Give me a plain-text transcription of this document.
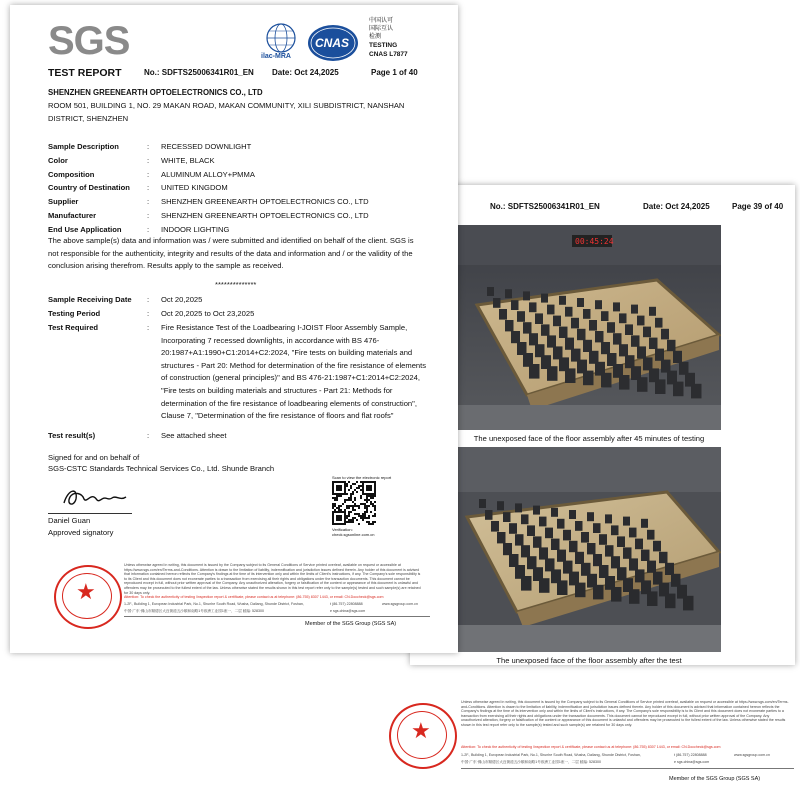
No.: SDFTS25006341R01_EN	Date: Oct 24,2025	Page 39 of 40
00:45:24
The unexposed face of the floor assembly after 45 minutes of testing
The unexposed face of the floor assembly after the test
SGS	ilac-MRA
CNAS
中国认可
国际互认
检测
TESTING
CNAS L7877
TEST REPORT	No.: SDFTS25006341R01_EN Date: Oct 24,2025	Page 1 of 40
SHENZHEN GREENEARTH OPTOELECTRONICS CO., LTD
ROOM 501, BUILDING 1, NO. 29 MAKAN ROAD, MAKAN COMMUNITY, XILI SUBDISTRICT, NANSHAN
DISTRICT, SHENZHEN
Sample Description	: RECESSED DOWNLIGHT
Color	: WHITE, BLACK
Composition	: ALUMINUM ALLOY+PMMA
Country of Destination : UNITED KINGDOM
Supplier	: SHENZHEN GREENEARTH OPTOELECTRONICS CO., LTD
Manufacturer	: SHENZHEN GREENEARTH OPTOELECTRONICS CO., LTD
End Use Application	: INDOOR LIGHTING
The above sample(s) data and information was / were submitted and identified on behalf of the client. SGS is
not responsible for the authenticity, integrity and results of the data and information and / or the validity of the
conclusion arising therefrom. Results apply to the sample as received.
**************
Sample Receiving Date : Oct 20,2025
Testing Period	: Oct 20,2025 to Oct 23,2025
Test Required	: Fire Resistance Test of the Loadbearing I-JOIST Floor Assembly Sample,
Incorporating 7 recessed downlights, in accordance with BS 476-
20:1987+A1:1990+C1:2014+C2:2024, "Fire tests on building materials and
structures - Part 20: Method for determination of the fire resistance of elements
of construction (general principles)" and BS 476-21:1987+C1:2014+C2:2024,
"Fire tests on building materials and structures - Part 21: Methods for
determination of the fire resistance of loadbearing elements of construction",
Clause 7, "Determination of the fire resistance of floors and flat roofs"
Test result(s)	: See attached sheet
Signed for and on behalf of
SGS-CSTC Standards Technical Services Co., Ltd. Shunde Branch
Daniel Guan
Approved signatory
Scan to view the electronic report
Verification:
check.sgsonline.com.cn
★
Unless otherwise agreed in writing, this document is issued by the Company subject to its General Conditions of Service printed overleaf, available on request or accessible at https://www.sgs.com/en/Terms-and-Conditions. Attention is drawn to the limitation of liability, indemnification and jurisdiction issues defined therein. Any holder of this document is advised that information contained hereon reflects the Company's findings at the time of its intervention only and within the limits of Client's instructions, if any. The Company's sole responsibility is to its Client and this document does not exonerate parties to a transaction from exercising all their rights and obligations under the transaction documents. This document cannot be reproduced except in full, without prior written approval of the Company. Any unauthorized alteration, forgery or falsification of the content or appearance of this document is unlawful and offenders may be prosecuted to the fullest extent of the law. Unless otherwise stated the results shown in this test report refer only to the sample(s) tested and such sample(s) are retained for 30 days only.
Attention: To check the authenticity of testing /inspection report & certificate, please contact us at telephone: (86-755) 8307 1443, or email: CN.Doccheck@sgs.com
1-2F., Building 1, European Industrial Park, No.1, Shunhe South Road, Wusha, Daliang, Shunde District, Foshan,
中国·广东·佛山市顺德区大良街道五沙顺和南路1号欧洲工业园1座一、二层 邮编: 528300
t (86-757) 22808888
e sgs.china@sgs.com
www.sgsgroup.com.cn
Member of the SGS Group (SGS SA)
★
Unless otherwise agreed in writing, this document is issued by the Company subject to its General Conditions of Service printed overleaf, available on request or accessible at https://www.sgs.com/en/Terms-and-Conditions. Attention is drawn to the limitation of liability, indemnification and jurisdiction issues defined therein. Any holder of this document is advised that information contained hereon reflects the Company's findings at the time of its intervention only and within the limits of Client's instructions, if any. The Company's sole responsibility is to its Client and this document does not exonerate parties to a transaction from exercising all their rights and obligations under the transaction documents. This document cannot be reproduced except in full, without prior written approval of the Company. Any unauthorized alteration, forgery or falsification of the content or appearance of this document is unlawful and offenders may be prosecuted to the fullest extent of the law. Unless otherwise stated the results shown in this test report refer only to the sample(s) tested and such sample(s) are retained for 30 days only.
Attention: To check the authenticity of testing /inspection report & certificate, please contact us at telephone: (86-755) 8307 1443, or email: CN.Doccheck@sgs.com
1-2F., Building 1, European Industrial Park, No.1, Shunhe South Road, Wusha, Daliang, Shunde District, Foshan,
中国·广东·佛山市顺德区大良街道五沙顺和南路1号欧洲工业园1座一、二层 邮编: 528300
t (86-757) 22808888
e sgs.china@sgs.com
www.sgsgroup.com.cn
Member of the SGS Group (SGS SA)
